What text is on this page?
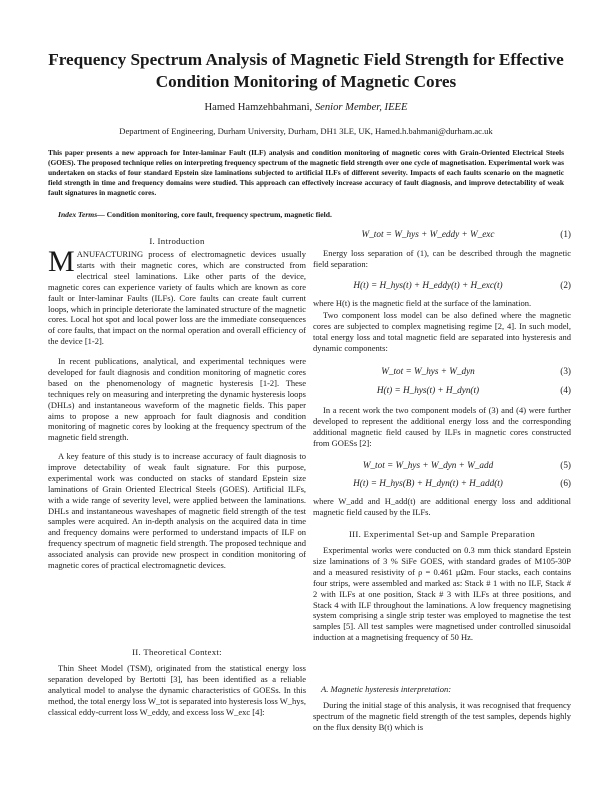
Frequency Spectrum Analysis of Magnetic Field Strength for Effective
Condition Monitoring of Magnetic Cores
Hamed Hamzehbahmani, Senior Member, IEEE
Department of Engineering, Durham University, Durham, DH1 3LE, UK, Hamed.h.bahmani@durham.ac.uk
This paper presents a new approach for Inter-laminar Fault (ILF) analysis and condition monitoring of magnetic cores with Grain-Oriented Electrical Steels (GOES). The proposed technique relies on interpreting frequency spectrum of the magnetic field strength over one cycle of magnetisation. Experimental work was undertaken on stacks of four standard Epstein size laminations subjected to artificial ILFs of different severity. Impacts of each faults scenario on the magnetic field strength in time and frequency domains were studied. This approach can effectively increase accuracy of fault diagnosis, and improve detectability of weak fault signatures in magnetic cores.
Index Terms— Condition monitoring, core fault, frequency spectrum, magnetic field.
I. Introduction

MANUFACTURING process of electromagnetic devices usually starts with their magnetic cores, which are constructed from electrical steel laminations. Like other parts of the device, magnetic cores can experience variety of faults which are known as core fault or Inter-laminar Faults (ILFs). Core faults can create fault current loops, which in principle deteriorate the laminated structure of the magnetic cores. Local hot spot and local power loss are the immediate consequences of core faults, that impact on the normal operation and overall efficiency of the device [1-2].

In recent publications, analytical, and experimental techniques were developed for fault diagnosis and condition monitoring of magnetic cores based on the phenomenology of magnetic hysteresis [1-2]. These techniques rely on measuring and interpreting the dynamic hysteresis loops (DHLs) and instantaneous waveform of the magnetic fields. This paper aims to propose a new approach for fault diagnosis and condition monitoring of magnetic cores by looking at the frequency spectrum of the magnetic field strength.
A key feature of this study is to increase accuracy of fault diagnosis to improve detectability of weak fault signature. For this purpose, experimental work was conducted on stacks of standard Epstein size laminations of Grain Oriented Electrical Steels (GOES). Artificial ILFs, with a wide range of severity level, were applied between the laminations. DHLs and instantaneous waveshapes of magnetic field strength of the test samples were acquired. An in-depth analysis on the acquired data in time and frequency domains were performed to understand impacts of ILF on frequency spectrum of magnetic field strength. The proposed technique and associated analysis can provide new prospect in condition monitoring of magnetic cores of practical electromagnetic devices.
II. Theoretical Context:
Thin Sheet Model (TSM), originated from the statistical energy loss separation developed by Bertotti [3], has been identified as a reliable analytical model to analyse the dynamic characteristics of GOESs. In this method, the total energy loss W_tot is separated into hysteresis loss W_hys, classical eddy-current loss W_eddy, and excess loss W_exc [4]:
W_tot = W_hys + W_eddy + W_exc	(1)
Energy loss separation of (1), can be described through the magnetic field separation:
H(t) = H_hys(t) + H_eddy(t) + H_exc(t)	(2)
where H(t) is the magnetic field at the surface of the lamination.
Two component loss model can be also defined where the magnetic cores are subjected to complex magnetising regime [2, 4]. In such model, total energy loss and total magnetic field are separated into hysteresis and dynamic components:
W_tot = W_hys + W_dyn	(3)
H(t) = H_hys(t) + H_dyn(t)	(4)
In a recent work the two component models of (3) and (4) were further developed to represent the additional energy loss and the corresponding additional magnetic field caused by ILFs in magnetic cores constructed from GOESs [2]:
W_tot = W_hys + W_dyn + W_add	(5)
H(t) = H_hys(B) + H_dyn(t) + H_add(t)	(6)
where W_add and H_add(t) are additional energy loss and additional magnetic field caused by the ILFs.
III. Experimental Set-up and Sample Preparation
Experimental works were conducted on 0.3 mm thick standard Epstein size laminations of 3 % SiFe GOES, with standard grades of M105-30P and a measured resistivity of ρ = 0.461 μΩm. Four stacks, each contains four strips, were assembled and marked as: Stack # 1 with no ILF, Stack # 2 with ILFs at one position, Stack # 3 with ILFs at three positions, and Stack 4 with ILF throughout the laminations. A low frequency magnetising system comprising a single strip tester was employed to magnetise the test samples [5]. All test samples were magnetised under controlled sinusoidal induction at a magnetising frequency of 50 Hz.
A. Magnetic hysteresis interpretation:
During the initial stage of this analysis, it was recognised that frequency spectrum of the magnetic field strength of the test samples, depends highly on the flux density B(t) which is
